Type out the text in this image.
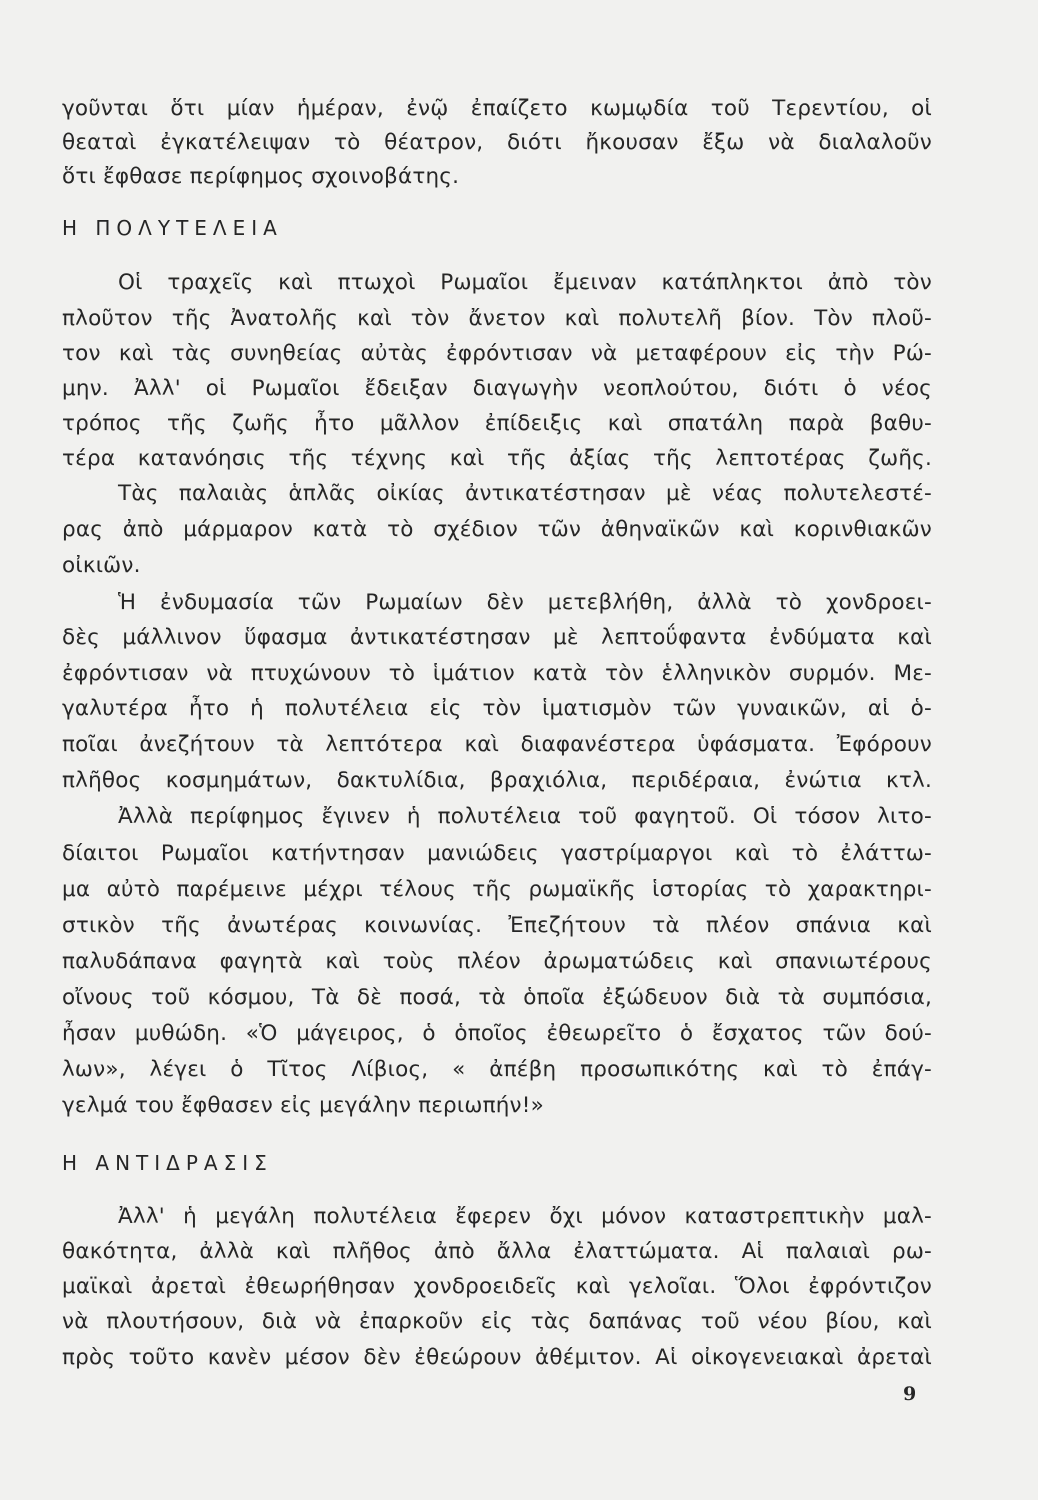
γοῦνται ὅτι μίαν ἡμέραν, ἐνῷ ἐπαίζετο κωμῳδία τοῦ Τερεντίου, οἱ
θεαταὶ ἐγκατέλειψαν τὸ θέατρον, διότι ἤκουσαν ἔξω νὰ διαλαλοῦν
ὅτι ἔφθασε περίφημος σχοινοβάτης.
Η ΠΟΛΥΤΕΛΕΙΑ
Οἱ τραχεῖς καὶ πτωχοὶ Ρωμαῖοι ἔμειναν κατάπληκτοι ἀπὸ τὸν
πλοῦτον τῆς Ἀνατολῆς καὶ τὸν ἄνετον καὶ πολυτελῆ βίον. Τὸν πλοῦ-
τον καὶ τὰς συνηθείας αὐτὰς ἐφρόντισαν νὰ μεταφέρουν εἰς τὴν Ρώ-
μην. Ἀλλ' οἱ Ρωμαῖοι ἔδειξαν διαγωγὴν νεοπλούτου, διότι ὁ νέος
τρόπος τῆς ζωῆς ἦτο μᾶλλον ἐπίδειξις καὶ σπατάλη παρὰ βαθυ-
τέρα κατανόησις τῆς τέχνης καὶ τῆς ἀξίας τῆς λεπτοτέρας ζωῆς.
Τὰς παλαιὰς ἁπλᾶς οἰκίας ἀντικατέστησαν μὲ νέας πολυτελεστέ-
ρας ἀπὸ μάρμαρον κατὰ τὸ σχέδιον τῶν ἀθηναϊκῶν καὶ κορινθιακῶν
οἰκιῶν.
Ἡ ἐνδυμασία τῶν Ρωμαίων δὲν μετεβλήθη, ἀλλὰ τὸ χονδροει-
δὲς μάλλινον ὕφασμα ἀντικατέστησαν μὲ λεπτοΰφαντα ἐνδύματα καὶ
ἐφρόντισαν νὰ πτυχώνουν τὸ ἱμάτιον κατὰ τὸν ἑλληνικὸν συρμόν. Με-
γαλυτέρα ἦτο ἡ πολυτέλεια εἰς τὸν ἱματισμὸν τῶν γυναικῶν, αἱ ὁ-
ποῖαι ἀνεζήτουν τὰ λεπτότερα καὶ διαφανέστερα ὑφάσματα. Ἐφόρουν
πλῆθος κοσμημάτων, δακτυλίδια, βραχιόλια, περιδέραια, ἐνώτια κτλ.
Ἀλλὰ περίφημος ἔγινεν ἡ πολυτέλεια τοῦ φαγητοῦ. Οἱ τόσον λιτο-
δίαιτοι Ρωμαῖοι κατήντησαν μανιώδεις γαστρίμαργοι καὶ τὸ ἐλάττω-
μα αὐτὸ παρέμεινε μέχρι τέλους τῆς ρωμαϊκῆς ἱστορίας τὸ χαρακτηρι-
στικὸν τῆς ἀνωτέρας κοινωνίας. Ἐπεζήτουν τὰ πλέον σπάνια καὶ
παλυδάπανα φαγητὰ καὶ τοὺς πλέον ἀρωματώδεις καὶ σπανιωτέρους
οἴνους τοῦ κόσμου, Τὰ δὲ ποσά, τὰ ὁποῖα ἐξώδευον διὰ τὰ συμπόσια,
ἦσαν μυθώδη. «Ὁ μάγειρος, ὁ ὁποῖος ἐθεωρεῖτο ὁ ἔσχατος τῶν δού-
λων», λέγει ὁ Τῖτος Λίβιος, « ἀπέβη προσωπικότης καὶ τὸ ἐπάγ-
γελμά του ἔφθασεν εἰς μεγάλην περιωπήν!»
Η ΑΝΤΙΔΡΑΣΙΣ
Ἀλλ' ἡ μεγάλη πολυτέλεια ἔφερεν ὄχι μόνον καταστρεπτικὴν μαλ-
θακότητα, ἀλλὰ καὶ πλῆθος ἀπὸ ἄλλα ἐλαττώματα. Αἱ παλαιαὶ ρω-
μαϊκαὶ ἀρεταὶ ἐθεωρήθησαν χονδροειδεῖς καὶ γελοῖαι. Ὅλοι ἐφρόντιζον
νὰ πλουτήσουν, διὰ νὰ ἐπαρκοῦν εἰς τὰς δαπάνας τοῦ νέου βίου, καὶ
πρὸς τοῦτο κανὲν μέσον δὲν ἐθεώρουν ἀθέμιτον. Αἱ οἰκογενειακαὶ ἀρεταὶ
9
